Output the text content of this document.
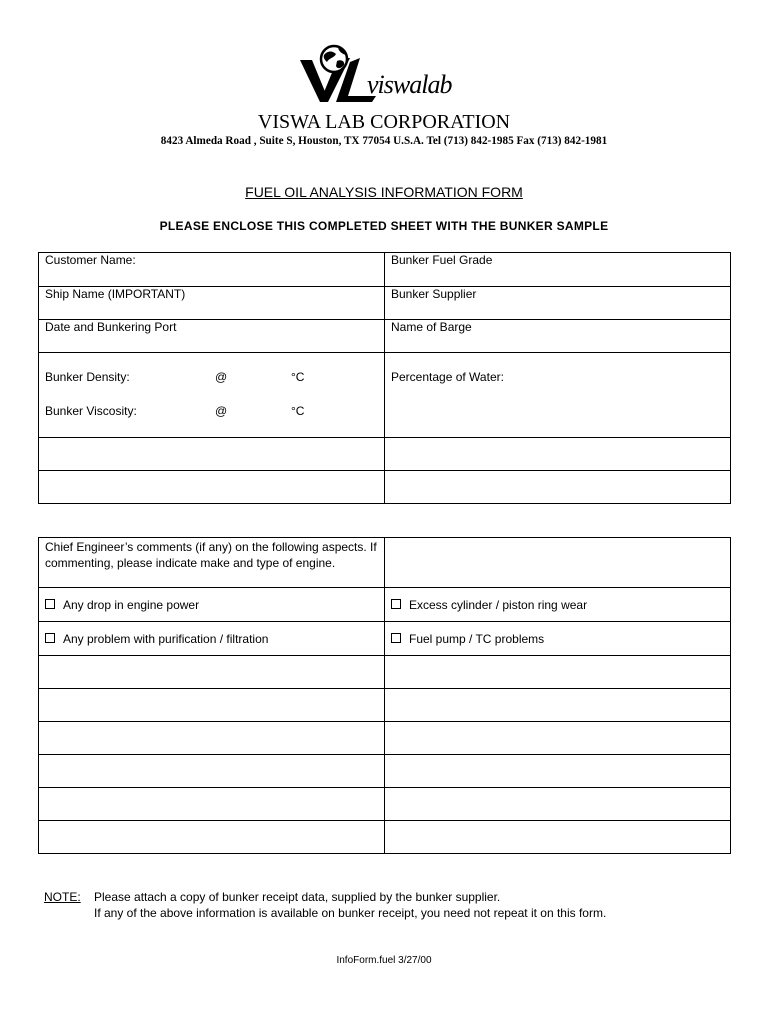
viswalab
VISWA LAB CORPORATION
8423 Almeda Road , Suite S, Houston, TX 77054 U.S.A. Tel (713) 842-1985 Fax (713) 842-1981
FUEL OIL ANALYSIS INFORMATION FORM
PLEASE ENCLOSE THIS COMPLETED SHEET WITH THE BUNKER SAMPLE
Customer Name:	Bunker Fuel Grade
Ship Name (IMPORTANT)	Bunker Supplier
Date and Bunkering Port	Name of Barge

Bunker Density: @ °C
Bunker Viscosity: @ °C	Percentage of Water:

Chief Engineer’s comments (if any) on the following aspects. If commenting, please indicate make and type of engine.	
Any drop in engine power	Excess cylinder / piston ring wear
Any problem with purification / filtration	Fuel pump / TC problems

NOTE: Please attach a copy of bunker receipt data, supplied by the bunker supplier.
If any of the above information is available on bunker receipt, you need not repeat it on this form.
InfoForm.fuel 3/27/00
